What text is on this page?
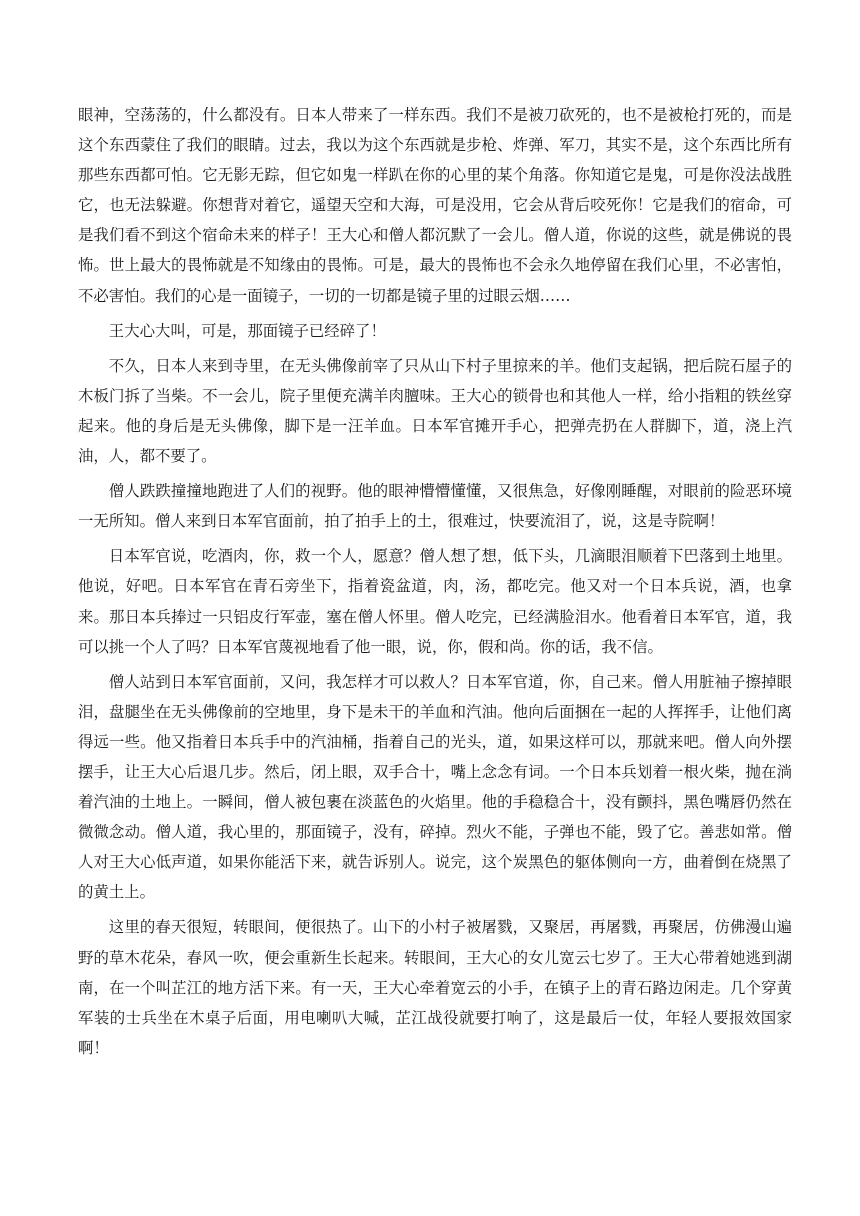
眼神，空荡荡的，什么都没有。日本人带来了一样东西。我们不是被刀砍死的，也不是被枪打死的，而是这个东西蒙住了我们的眼睛。过去，我以为这个东西就是步枪、炸弹、军刀，其实不是，这个东西比所有那些东西都可怕。它无影无踪，但它如鬼一样趴在你的心里的某个角落。你知道它是鬼，可是你没法战胜它，也无法躲避。你想背对着它，遥望天空和大海，可是没用，它会从背后咬死你！它是我们的宿命，可是我们看不到这个宿命未来的样子！王大心和僧人都沉默了一会儿。僧人道，你说的这些，就是佛说的畏怖。世上最大的畏怖就是不知缘由的畏怖。可是，最大的畏怖也不会永久地停留在我们心里，不必害怕，不必害怕。我们的心是一面镜子，一切的一切都是镜子里的过眼云烟……

王大心大叫，可是，那面镜子已经碎了！

不久，日本人来到寺里，在无头佛像前宰了只从山下村子里掠来的羊。他们支起锅，把后院石屋子的木板门拆了当柴。不一会儿，院子里便充满羊肉膻味。王大心的锁骨也和其他人一样，给小指粗的铁丝穿起来。他的身后是无头佛像，脚下是一汪羊血。日本军官摊开手心，把弹壳扔在人群脚下，道，浇上汽油，人，都不要了。

僧人跌跌撞撞地跑进了人们的视野。他的眼神懵懵懂懂，又很焦急，好像刚睡醒，对眼前的险恶环境一无所知。僧人来到日本军官面前，拍了拍手上的土，很难过，快要流泪了，说，这是寺院啊！

日本军官说，吃酒肉，你，救一个人，愿意？僧人想了想，低下头，几滴眼泪顺着下巴落到土地里。他说，好吧。日本军官在青石旁坐下，指着瓷盆道，肉，汤，都吃完。他又对一个日本兵说，酒，也拿来。那日本兵捧过一只铝皮行军壶，塞在僧人怀里。僧人吃完，已经满脸泪水。他看着日本军官，道，我可以挑一个人了吗？日本军官蔑视地看了他一眼，说，你，假和尚。你的话，我不信。

僧人站到日本军官面前，又问，我怎样才可以救人？日本军官道，你，自己来。僧人用脏袖子擦掉眼泪，盘腿坐在无头佛像前的空地里，身下是未干的羊血和汽油。他向后面捆在一起的人挥挥手，让他们离得远一些。他又指着日本兵手中的汽油桶，指着自己的光头，道，如果这样可以，那就来吧。僧人向外摆摆手，让王大心后退几步。然后，闭上眼，双手合十，嘴上念念有词。一个日本兵划着一根火柴，抛在淌着汽油的土地上。一瞬间，僧人被包裹在淡蓝色的火焰里。他的手稳稳合十，没有颤抖，黑色嘴唇仍然在微微念动。僧人道，我心里的，那面镜子，没有，碎掉。烈火不能，子弹也不能，毁了它。善悲如常。僧人对王大心低声道，如果你能活下来，就告诉别人。说完，这个炭黑色的躯体侧向一方，曲着倒在烧黑了的黄土上。

这里的春天很短，转眼间，便很热了。山下的小村子被屠戮，又聚居，再屠戮，再聚居，仿佛漫山遍野的草木花朵，春风一吹，便会重新生长起来。转眼间，王大心的女儿宽云七岁了。王大心带着她逃到湖南，在一个叫芷江的地方活下来。有一天，王大心牵着宽云的小手，在镇子上的青石路边闲走。几个穿黄军装的士兵坐在木桌子后面，用电喇叭大喊，芷江战役就要打响了，这是最后一仗，年轻人要报效国家啊！
